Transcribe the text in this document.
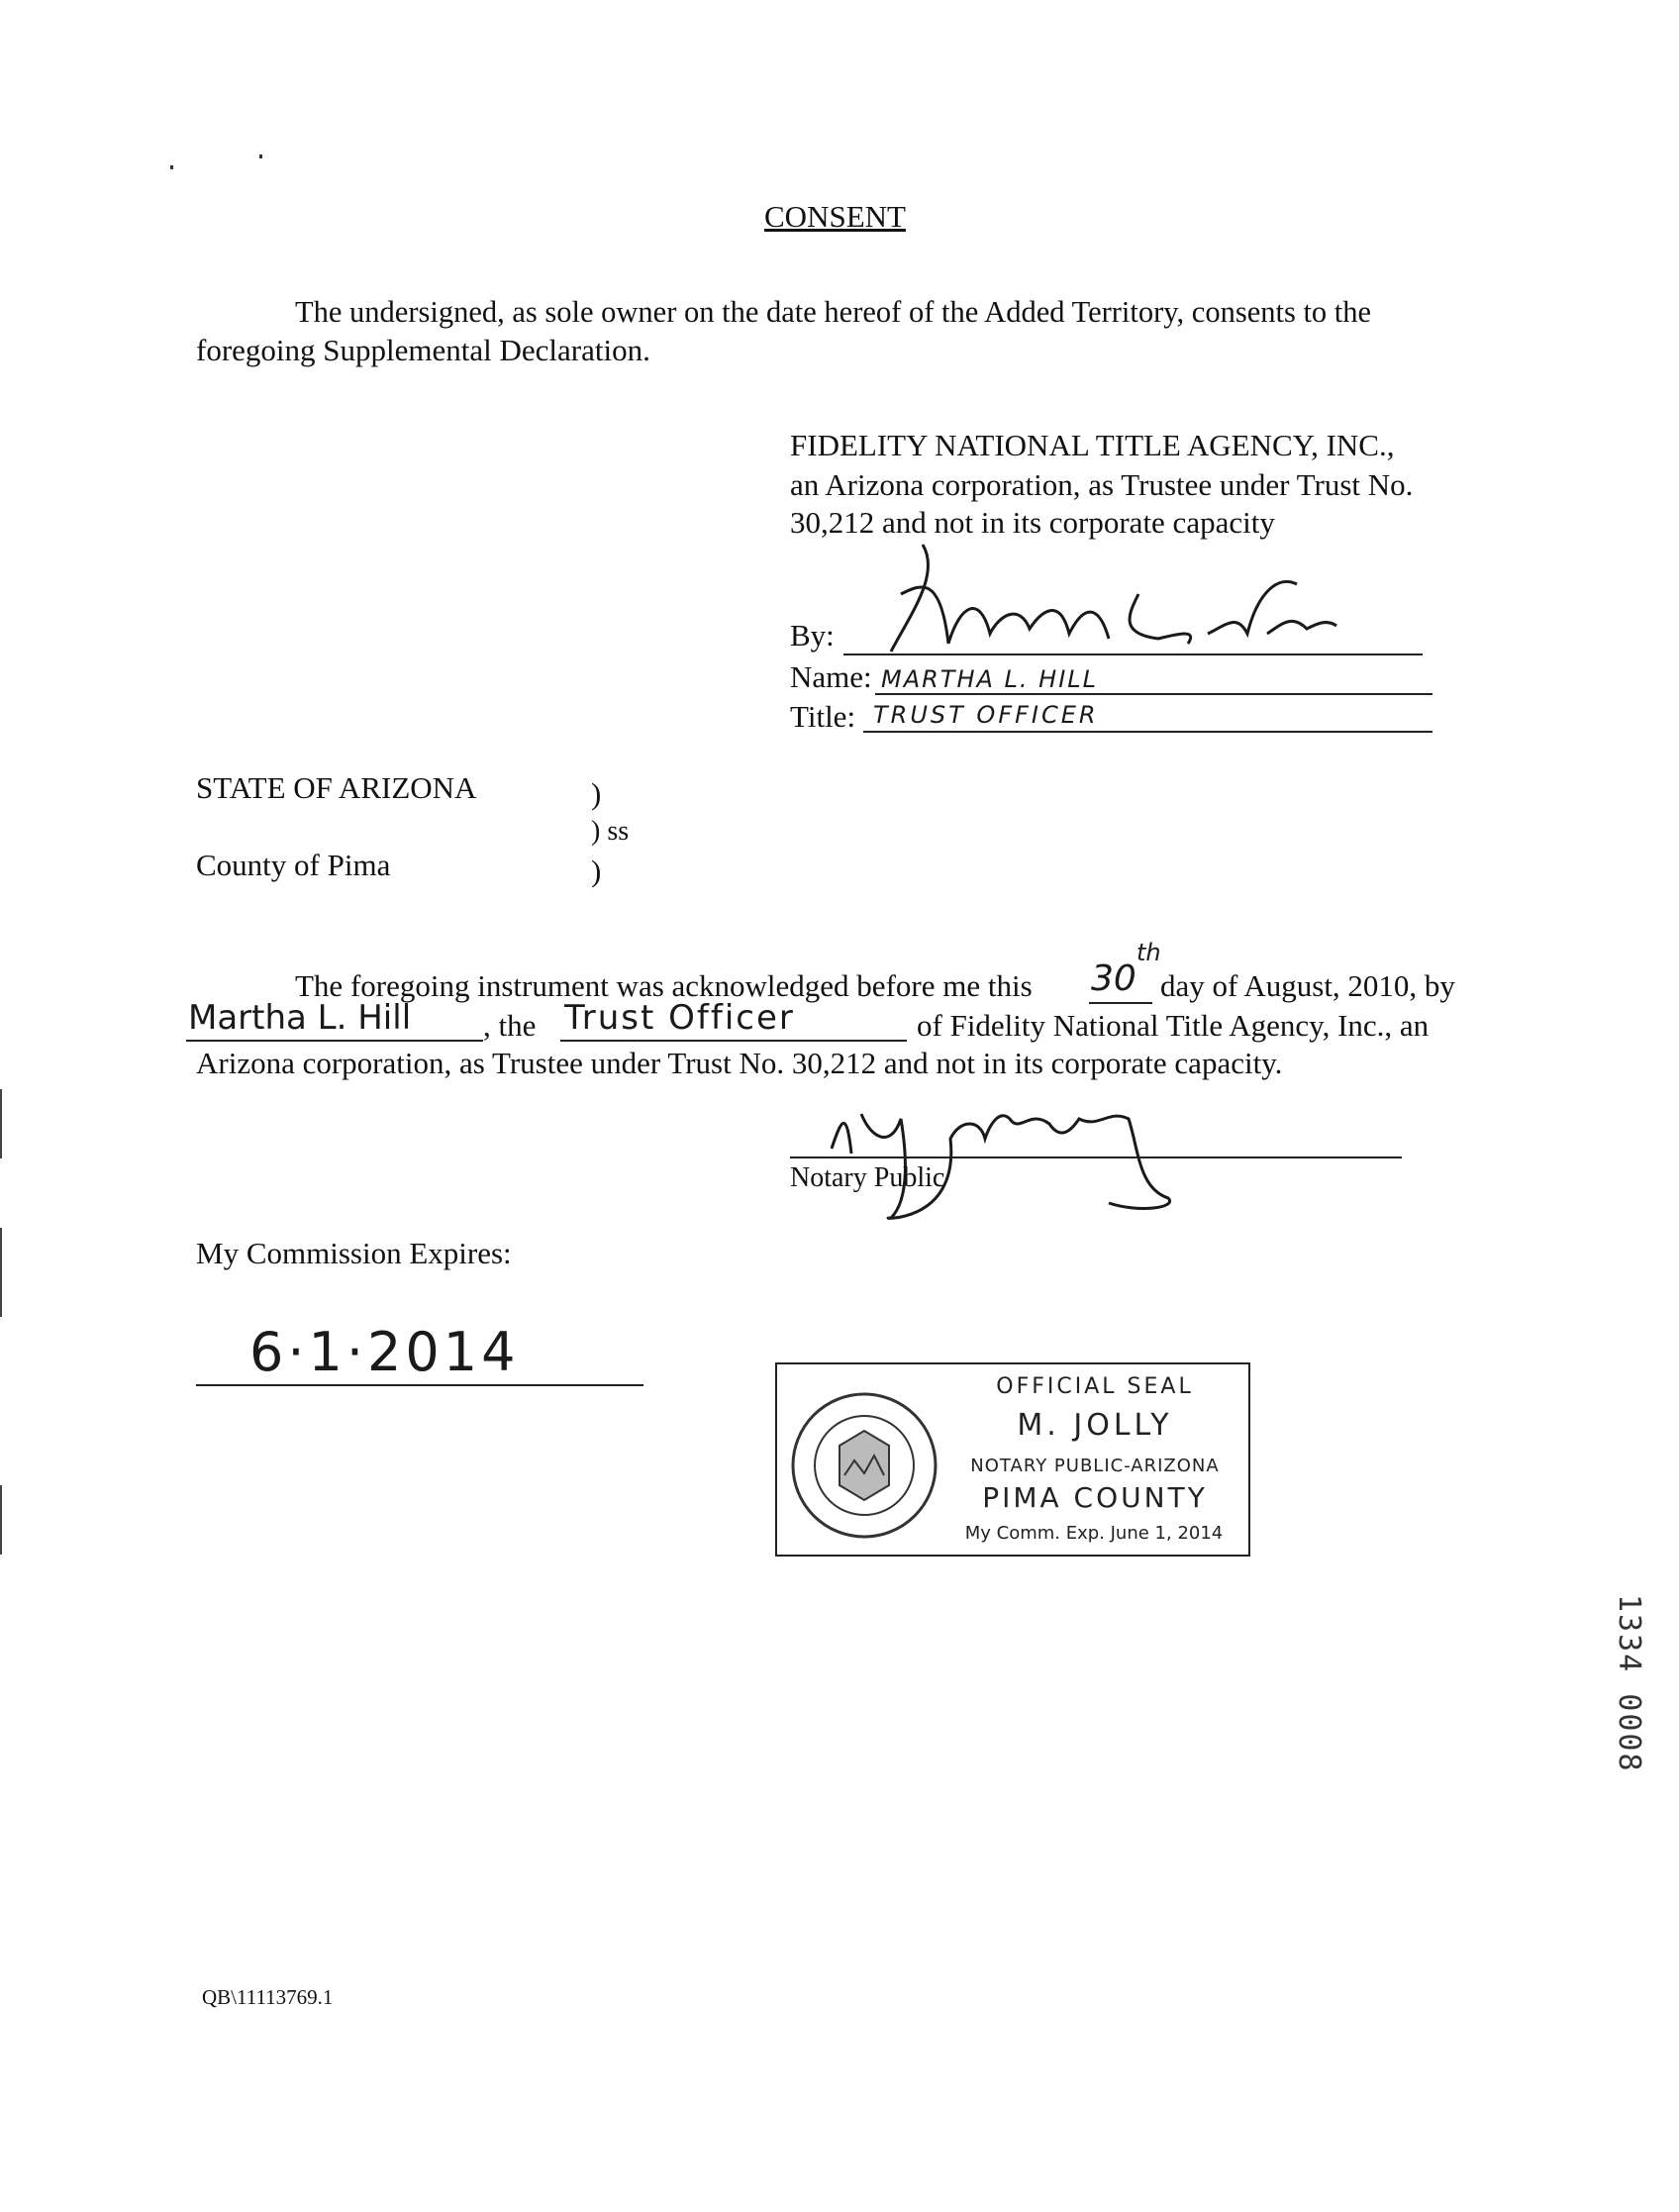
CONSENT
The undersigned, as sole owner on the date hereof of the Added Territory, consents to the
foregoing Supplemental Declaration.
FIDELITY NATIONAL TITLE AGENCY, INC.,
an Arizona corporation, as Trustee under Trust No.
30,212 and not in its corporate capacity
By:
Name: MARTHA L. HILL
Title: TRUST OFFICER
STATE OF ARIZONA	)
) ss
County of Pima	)
The foregoing instrument was acknowledged before me this 30
th
day of August, 2010, by
Martha L. Hill , the Trust Officer	of Fidelity National Title Agency, Inc., an
Arizona corporation, as Trustee under Trust No. 30,212 and not in its corporate capacity.
Notary Public
My Commission Expires:
6·1·2014
OFFICIAL SEAL
M. JOLLY
NOTARY PUBLIC-ARIZONA
PIMA COUNTY
My Comm. Exp. June 1, 2014
1334 0008
QB\11113769.1
